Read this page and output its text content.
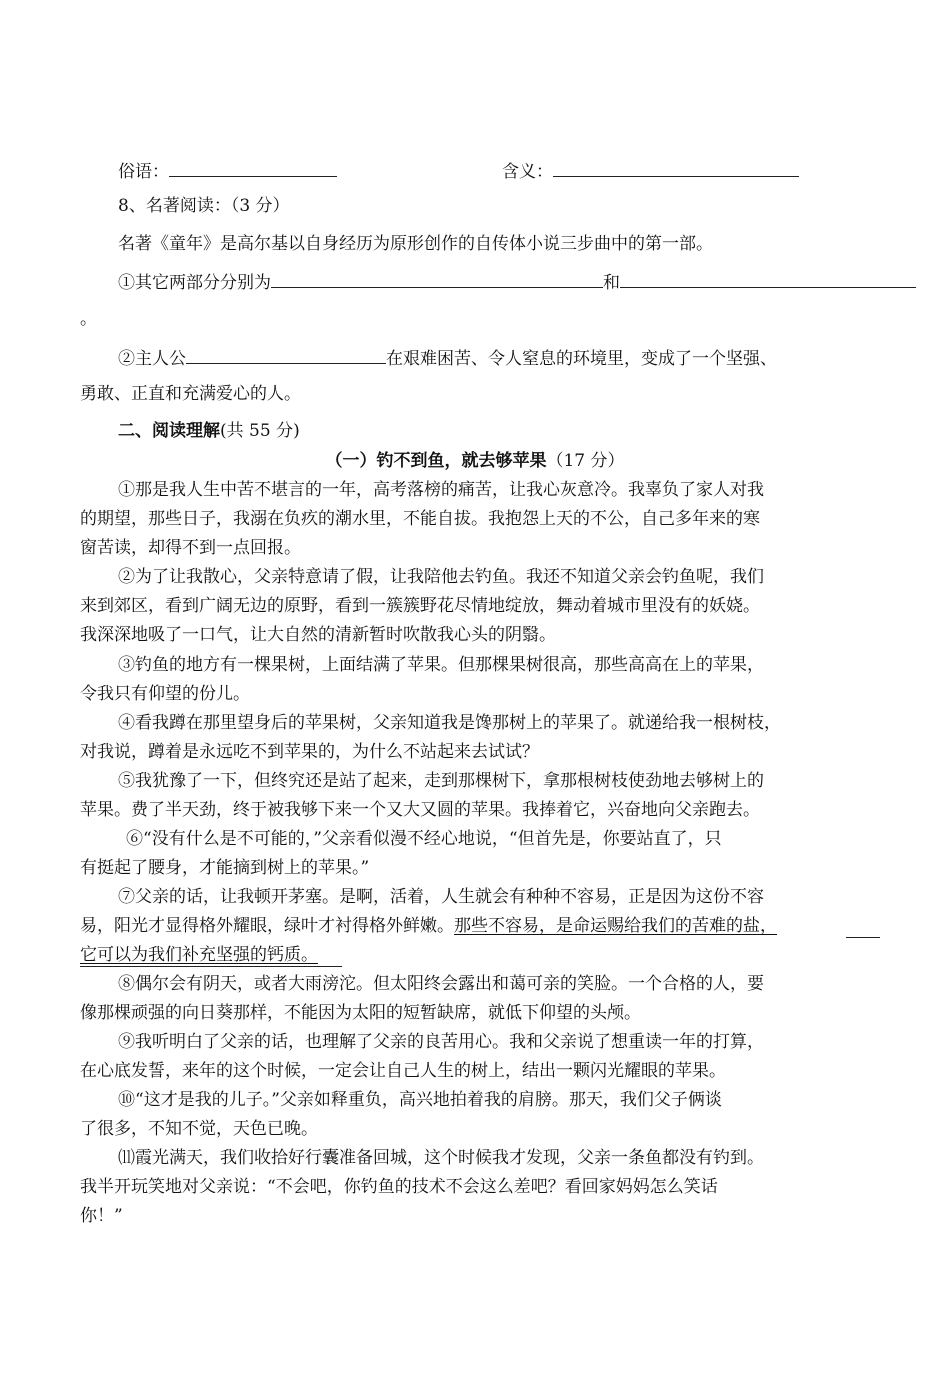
俗语：	含义：
8、名著阅读：（3 分）
名著《童年》是高尔基以自身经历为原形创作的自传体小说三步曲中的第一部。
①其它两部分分别为	和
。
②主人公	在艰难困苦、令人窒息的环境里，变成了一个坚强、
勇敢、正直和充满爱心的人。
二、阅读理解(共 55 分)
（一）钓不到鱼，就去够苹果（17 分）
①那是我人生中苦不堪言的一年，高考落榜的痛苦，让我心灰意冷。我辜负了家人对我
的期望，那些日子，我溺在负疚的潮水里，不能自拔。我抱怨上天的不公，自己多年来的寒
窗苦读，却得不到一点回报。
②为了让我散心，父亲特意请了假，让我陪他去钓鱼。我还不知道父亲会钓鱼呢，我们
来到郊区，看到广阔无边的原野，看到一簇簇野花尽情地绽放，舞动着城市里没有的妖娆。
我深深地吸了一口气，让大自然的清新暂时吹散我心头的阴翳。
③钓鱼的地方有一棵果树，上面结满了苹果。但那棵果树很高，那些高高在上的苹果，
令我只有仰望的份儿。
④看我蹲在那里望身后的苹果树，父亲知道我是馋那树上的苹果了。就递给我一根树枝，
对我说，蹲着是永远吃不到苹果的，为什么不站起来去试试？
⑤我犹豫了一下，但终究还是站了起来，走到那棵树下，拿那根树枝使劲地去够树上的
苹果。费了半天劲，终于被我够下来一个又大又圆的苹果。我捧着它，兴奋地向父亲跑去。
⑥“没有什么是不可能的，”父亲看似漫不经心地说，“但首先是，你要站直了，只
有挺起了腰身，才能摘到树上的苹果。”
⑦父亲的话，让我顿开茅塞。是啊，活着，人生就会有种种不容易，正是因为这份不容
易，阳光才显得格外耀眼，绿叶才衬得格外鲜嫩。那些不容易，是命运赐给我们的苦难的盐，
它可以为我们补充坚强的钙质。
⑧偶尔会有阴天，或者大雨滂沱。但太阳终会露出和蔼可亲的笑脸。一个合格的人，要
像那棵顽强的向日葵那样，不能因为太阳的短暂缺席，就低下仰望的头颅。
⑨我听明白了父亲的话，也理解了父亲的良苦用心。我和父亲说了想重读一年的打算，
在心底发誓，来年的这个时候，一定会让自己人生的树上，结出一颗闪光耀眼的苹果。
⑩“这才是我的儿子。”父亲如释重负，高兴地拍着我的肩膀。那天，我们父子俩谈
了很多，不知不觉，天色已晚。
⑾霞光满天，我们收拾好行囊准备回城，这个时候我才发现，父亲一条鱼都没有钓到。
我半开玩笑地对父亲说：“不会吧，你钓鱼的技术不会这么差吧？看回家妈妈怎么笑话
你！”
